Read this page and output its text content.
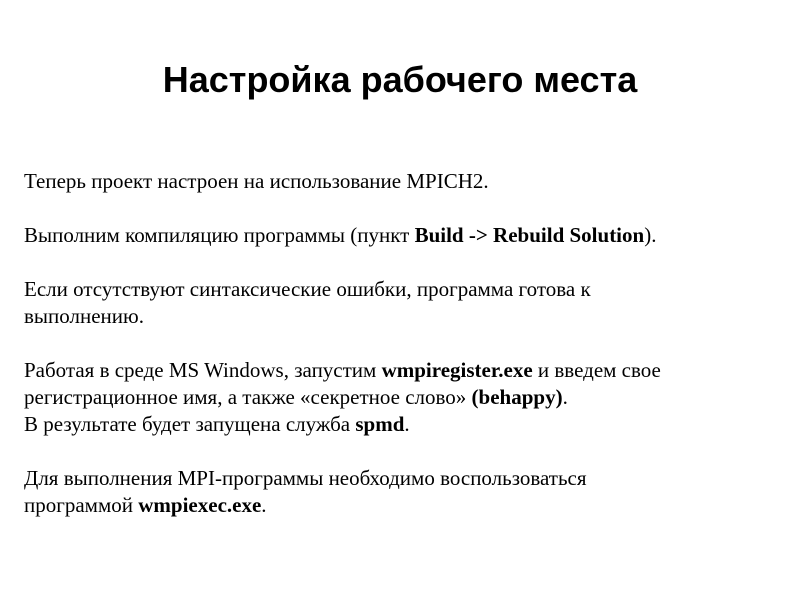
Настройка рабочего места

Теперь проект настроен на использование MPICH2.

Выполним компиляцию программы (пункт Build -> Rebuild Solution).

Если отсутствуют синтаксические ошибки, программа готова к
выполнению.

Работая в среде MS Windows, запустим wmpiregister.exe и введем свое
регистрационное имя, а также «секретное слово» (behappy).
В результате будет запущена служба spmd.

Для выполнения MPI-программы необходимо воспользоваться
программой wmpiexec.exe.
